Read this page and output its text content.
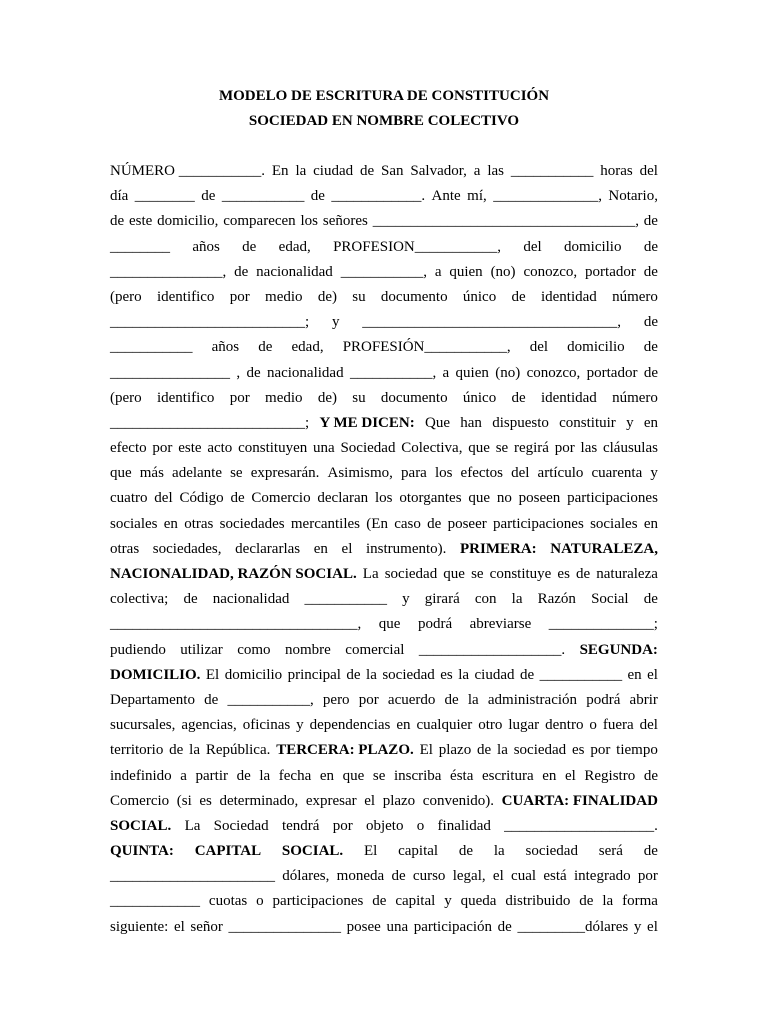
MODELO DE ESCRITURA DE CONSTITUCIÓN
SOCIEDAD EN NOMBRE COLECTIVO
NÚMERO ___________. En la ciudad de San Salvador, a las ___________ horas del
día ________ de ___________ de ____________. Ante mí, ______________, Notario,
de este domicilio, comparecen los señores ___________________________________, de
________ años de edad, PROFESION___________, del domicilio de
_______________, de nacionalidad ___________, a quien (no) conozco, portador de
(pero identifico por medio de) su documento único de identidad número
__________________________; y __________________________________, de
___________ años de edad, PROFESIÓN___________, del domicilio de
________________ , de nacionalidad ___________, a quien (no) conozco, portador de
(pero identifico por medio de) su documento único de identidad número
__________________________; Y ME DICEN: Que han dispuesto constituir y en
efecto por este acto constituyen una Sociedad Colectiva, que se regirá por las cláusulas
que más adelante se expresarán. Asimismo, para los efectos del artículo cuarenta y
cuatro del Código de Comercio declaran los otorgantes que no poseen participaciones
sociales en otras sociedades mercantiles (En caso de poseer participaciones sociales en
otras sociedades, declararlas en el instrumento). PRIMERA: NATURALEZA,
NACIONALIDAD, RAZÓN SOCIAL. La sociedad que se constituye es de naturaleza
colectiva; de nacionalidad ___________ y girará con la Razón Social de
_________________________________, que podrá abreviarse ______________;
pudiendo utilizar como nombre comercial ___________________. SEGUNDA:
DOMICILIO. El domicilio principal de la sociedad es la ciudad de ___________ en el
Departamento de ___________, pero por acuerdo de la administración podrá abrir
sucursales, agencias, oficinas y dependencias en cualquier otro lugar dentro o fuera del
territorio de la República. TERCERA: PLAZO. El plazo de la sociedad es por tiempo
indefinido a partir de la fecha en que se inscriba ésta escritura en el Registro de
Comercio (si es determinado, expresar el plazo convenido). CUARTA: FINALIDAD
SOCIAL. La Sociedad tendrá por objeto o finalidad ____________________.
QUINTA: CAPITAL SOCIAL. El capital de la sociedad será de
______________________ dólares, moneda de curso legal, el cual está integrado por
____________ cuotas o participaciones de capital y queda distribuido de la forma
siguiente: el señor _______________ posee una participación de _________dólares y el
